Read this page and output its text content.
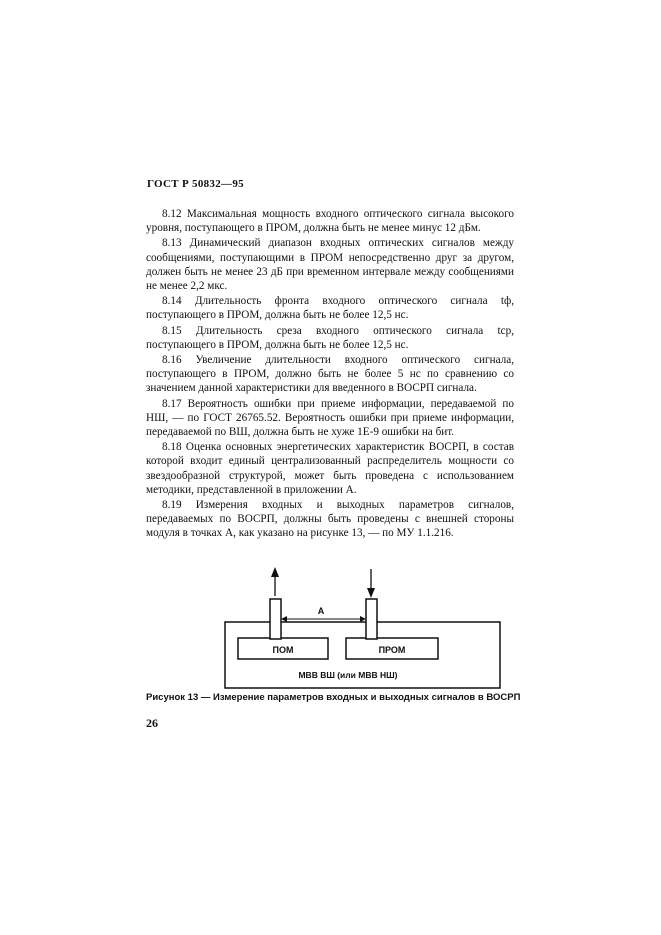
ГОСТ Р 50832—95

8.12 Максимальная мощность входного оптического сигнала высокого уровня, поступающего в ПРОМ, должна быть не менее минус 12 дБм.

8.13 Динамический диапазон входных оптических сигналов между сообщениями, поступающими в ПРОМ непосредственно друг за другом, должен быть не менее 23 дБ при временном интервале между сообщениями не менее 2,2 мкс.

8.14 Длительность фронта входного оптического сигнала tф, поступающего в ПРОМ, должна быть не более 12,5 нс.

8.15 Длительность среза входного оптического сигнала tср, поступающего в ПРОМ, должна быть не более 12,5 нс.

8.16 Увеличение длительности входного оптического сигнала, поступающего в ПРОМ, должно быть не более 5 нс по сравнению со значением данной характеристики для введенного в ВОСРП сигнала.

8.17 Вероятность ошибки при приеме информации, передаваемой по НШ, — по ГОСТ 26765.52. Вероятность ошибки при приеме информации, передаваемой по ВШ, должна быть не хуже 1Е-9 ошибки на бит.

8.18 Оценка основных энергетических характеристик ВОСРП, в состав которой входит единый централизованный распределитель мощности со звездообразной структурой, может быть проведена с использованием методики, представленной в приложении А.

8.19 Измерения входных и выходных параметров сигналов, передаваемых по ВОСРП, должны быть проведены с внешней стороны модуля в точках А, как указано на рисунке 13, — по МУ 1.1.216.

А
ПОМ	ПРОМ
МВВ ВШ (или МВВ НШ)
Рисунок 13 — Измерение параметров входных и выходных сигналов в ВОСРП
26
